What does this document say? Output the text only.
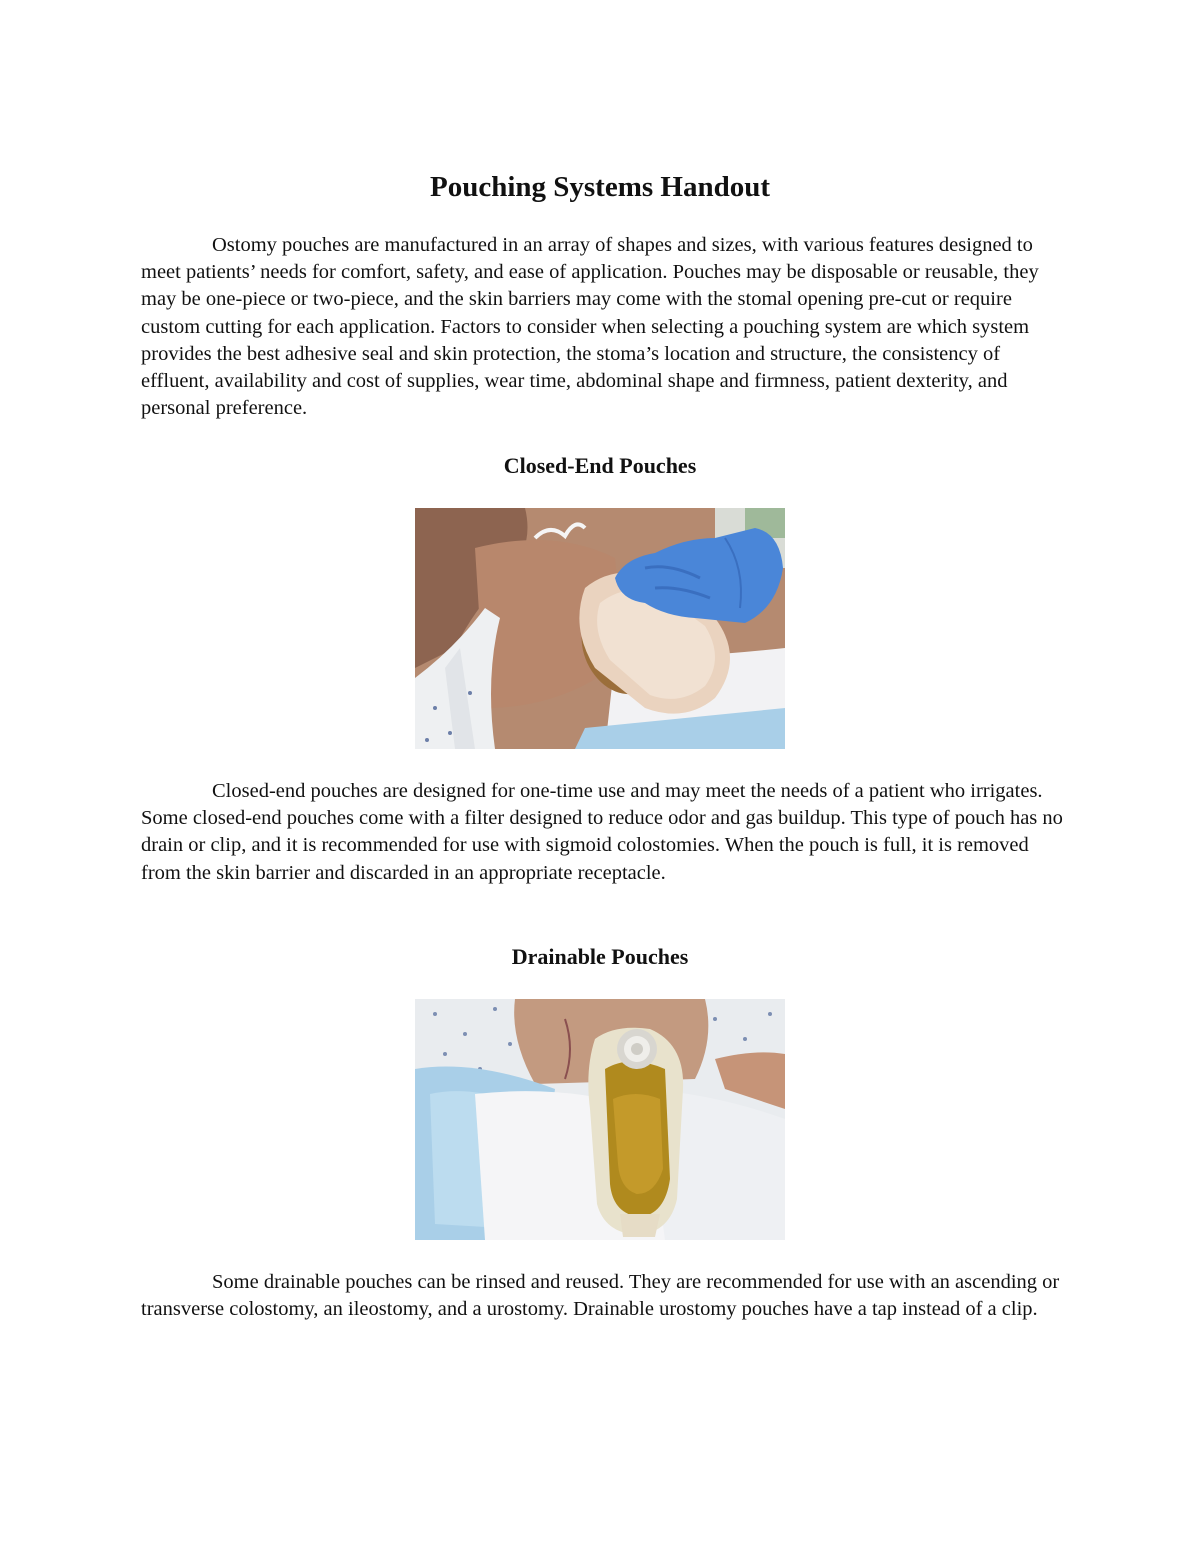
Pouching Systems Handout

Ostomy pouches are manufactured in an array of shapes and sizes, with various features designed to meet patients’ needs for comfort, safety, and ease of application. Pouches may be disposable or reusable, they may be one-piece or two-piece, and the skin barriers may come with the stomal opening pre-cut or require custom cutting for each application. Factors to consider when selecting a pouching system are which system provides the best adhesive seal and skin protection, the stoma’s location and structure, the consistency of effluent, availability and cost of supplies, wear time, abdominal shape and firmness, patient dexterity, and personal preference.

Closed-End Pouches

Closed-end pouches are designed for one-time use and may meet the needs of a patient who irrigates. Some closed-end pouches come with a filter designed to reduce odor and gas buildup. This type of pouch has no drain or clip, and it is recommended for use with sigmoid colostomies. When the pouch is full, it is removed from the skin barrier and discarded in an appropriate receptacle.

Drainable Pouches

Some drainable pouches can be rinsed and reused. They are recommended for use with an ascending or transverse colostomy, an ileostomy, and a urostomy. Drainable urostomy pouches have a tap instead of a clip.
